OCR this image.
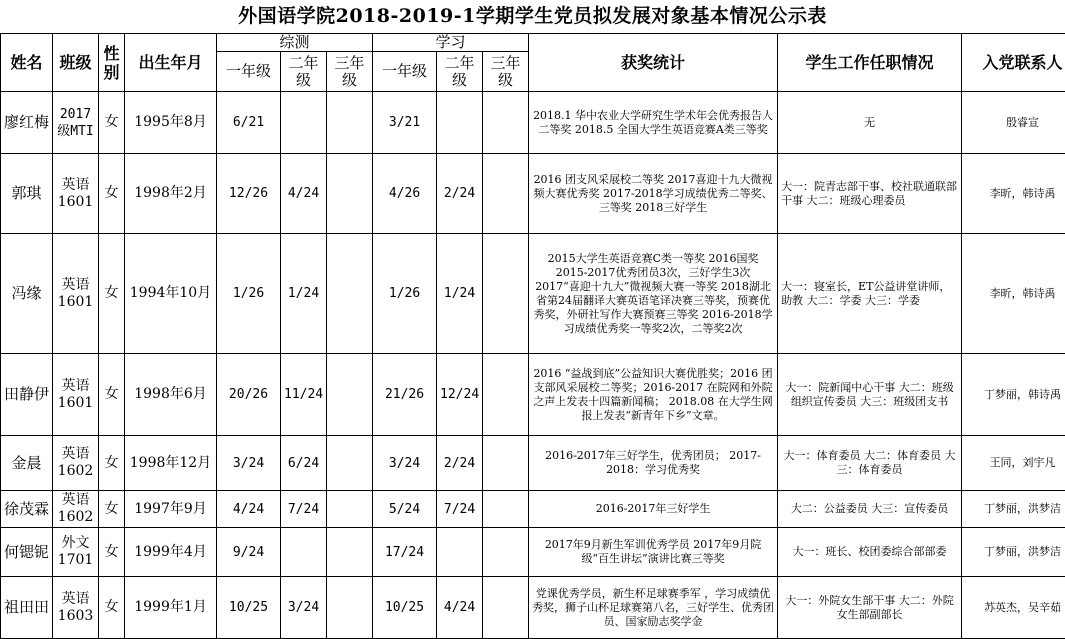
外国语学院2018-2019-1学期学生党员拟发展对象基本情况公示表
姓名	班级	性别	出生年月	综测			学习			获奖统计	学生工作任职情况	入党联系人
				一年级	二年级	三年级	一年级	二年级	三年级			
廖红梅	2017级MTI	女	1995年8月	6/21			3/21			2018.1 华中农业大学研究生学术年会优秀报告人二等奖 2018.5 全国大学生英语竞赛A类三等奖	无	殷睿宣
郭琪	英语1601	女	1998年2月	12/26	4/24		4/26	2/24		2016 团支风采展校二等奖 2017喜迎十九大微视频大赛优秀奖 2017-2018学习成绩优秀二等奖、三等奖 2018三好学生	大一：院青志部干事、校社联通联部干事 大二：班级心理委员	李昕，韩诗禹
冯缘	英语1601	女	1994年10月	1/26	1/24		1/26	1/24		2015大学生英语竞赛C类一等奖 2016国奖 2015-2017优秀团员3次，三好学生3次 2017“喜迎十九大”微视频大赛一等奖 2018湖北省第24届翻译大赛英语笔译决赛三等奖，预赛优秀奖，外研社写作大赛预赛三等奖 2016-2018学习成绩优秀奖一等奖2次，二等奖2次	大一：寝室长，ET公益讲堂讲师，助教 大二：学委 大三：学委	李昕，韩诗禹
田静伊	英语1601	女	1998年6月	20/26	11/24		21/26	12/24		2016 “益战到底”公益知识大赛优胜奖；2016 团支部风采展校二等奖；2016-2017 在院网和外院之声上发表十四篇新闻稿； 2018.08 在大学生网报上发表“新青年下乡”文章。	大一：院新闻中心干事 大二：班级组织宣传委员 大三：班级团支书	丁梦丽，韩诗禹
金晨	英语1602	女	1998年12月	3/24	6/24		3/24	2/24		2016-2017年三好学生，优秀团员； 2017-2018：学习优秀奖	大一：体育委员 大二：体育委员 大三：体育委员	王同，刘宇凡
徐茂霖	英语1602	女	1997年9月	4/24	7/24		5/24	7/24		2016-2017年三好学生	大二：公益委员 大三：宣传委员	丁梦丽，洪梦洁
何锶铌	外文1701	女	1999年4月	9/24			17/24			2017年9月新生军训优秀学员 2017年9月院级“百生讲坛”演讲比赛三等奖	大一：班长、校团委综合部部委	丁梦丽，洪梦洁
祖田田	英语1603	女	1999年1月	10/25	3/24		10/25	4/24		党课优秀学员，新生杯足球赛季军 ，学习成绩优秀奖，狮子山杯足球赛第八名，三好学生、优秀团员、国家励志奖学金	大一：外院女生部干事 大二：外院女生部副部长	苏英杰，吴辛茹
